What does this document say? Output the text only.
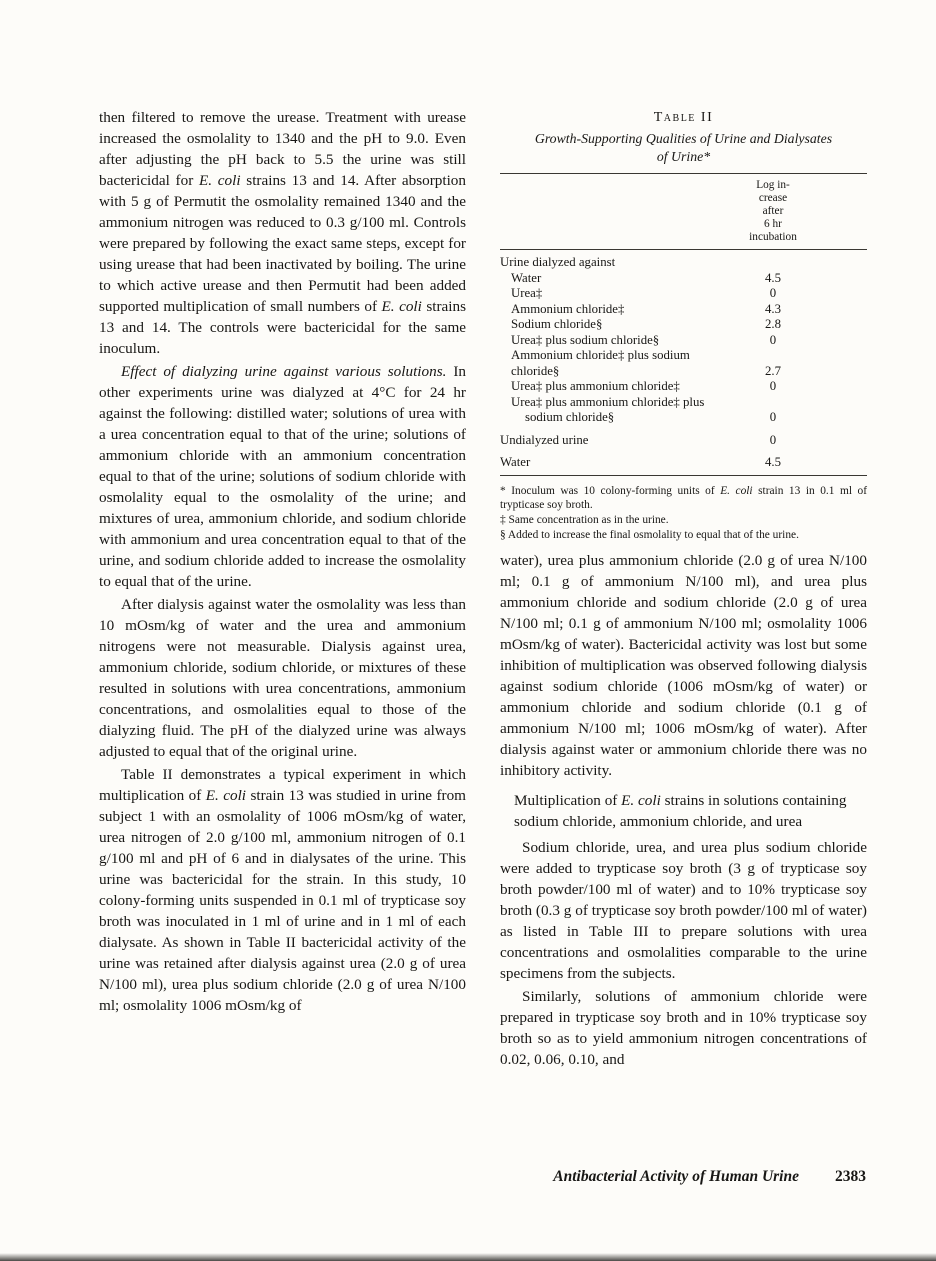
then filtered to remove the urease. Treatment with urease increased the osmolality to 1340 and the pH to 9.0. Even after adjusting the pH back to 5.5 the urine was still bactericidal for E. coli strains 13 and 14. After absorption with 5 g of Permutit the osmolality remained 1340 and the ammonium nitrogen was reduced to 0.3 g/100 ml. Controls were prepared by following the exact same steps, except for using urease that had been inactivated by boiling. The urine to which active urease and then Permutit had been added supported multiplication of small numbers of E. coli strains 13 and 14. The controls were bactericidal for the same inoculum.

Effect of dialyzing urine against various solutions. In other experiments urine was dialyzed at 4°C for 24 hr against the following: distilled water; solutions of urea with a urea concentration equal to that of the urine; solutions of ammonium chloride with an ammonium concentration equal to that of the urine; solutions of sodium chloride with osmolality equal to the osmolality of the urine; and mixtures of urea, ammonium chloride, and sodium chloride with ammonium and urea concentration equal to that of the urine, and sodium chloride added to increase the osmolality to equal that of the urine.

After dialysis against water the osmolality was less than 10 mOsm/kg of water and the urea and ammonium nitrogens were not measurable. Dialysis against urea, ammonium chloride, sodium chloride, or mixtures of these resulted in solutions with urea concentrations, ammonium concentrations, and osmolalities equal to those of the dialyzing fluid. The pH of the dialyzed urine was always adjusted to equal that of the original urine.

Table II demonstrates a typical experiment in which multiplication of E. coli strain 13 was studied in urine from subject 1 with an osmolality of 1006 mOsm/kg of water, urea nitrogen of 2.0 g/100 ml, ammonium nitrogen of 0.1 g/100 ml and pH of 6 and in dialysates of the urine. This urine was bactericidal for the strain. In this study, 10 colony-forming units suspended in 0.1 ml of trypticase soy broth was inoculated in 1 ml of urine and in 1 ml of each dialysate. As shown in Table II bactericidal activity of the urine was retained after dialysis against urea (2.0 g of urea N/100 ml), urea plus sodium chloride (2.0 g of urea N/100 ml; osmolality 1006 mOsm/kg of

Table II
Growth-Supporting Qualities of Urine and Dialysates of Urine*
Log in-
crease
after
6 hr
incubation
Urine dialyzed against
Water	4.5
Urea‡	0
Ammonium chloride‡	4.3
Sodium chloride§	2.8
Urea‡ plus sodium chloride§	0
Ammonium chloride‡ plus sodium chloride§	2.7
Urea‡ plus ammonium chloride‡	0
Urea‡ plus ammonium chloride‡ plus
sodium chloride§	0
Undialyzed urine	0
Water	4.5

* Inoculum was 10 colony-forming units of E. coli strain 13 in 0.1 ml of trypticase soy broth.

‡ Same concentration as in the urine.

§ Added to increase the final osmolality to equal that of the urine.

water), urea plus ammonium chloride (2.0 g of urea N/100 ml; 0.1 g of ammonium N/100 ml), and urea plus ammonium chloride and sodium chloride (2.0 g of urea N/100 ml; 0.1 g of ammonium N/100 ml; osmolality 1006 mOsm/kg of water). Bactericidal activity was lost but some inhibition of multiplication was observed following dialysis against sodium chloride (1006 mOsm/kg of water) or ammonium chloride and sodium chloride (0.1 g of ammonium N/100 ml; 1006 mOsm/kg of water). After dialysis against water or ammonium chloride there was no inhibitory activity.

Multiplication of E. coli strains in solutions containing sodium chloride, ammonium chloride, and urea

Sodium chloride, urea, and urea plus sodium chloride were added to trypticase soy broth (3 g of trypticase soy broth powder/100 ml of water) and to 10% trypticase soy broth (0.3 g of trypticase soy broth powder/100 ml of water) as listed in Table III to prepare solutions with urea concentrations and osmolalities comparable to the urine specimens from the subjects.

Similarly, solutions of ammonium chloride were prepared in trypticase soy broth and in 10% trypticase soy broth so as to yield ammonium nitrogen concentrations of 0.02, 0.06, 0.10, and

Antibacterial Activity of Human Urine 2383
